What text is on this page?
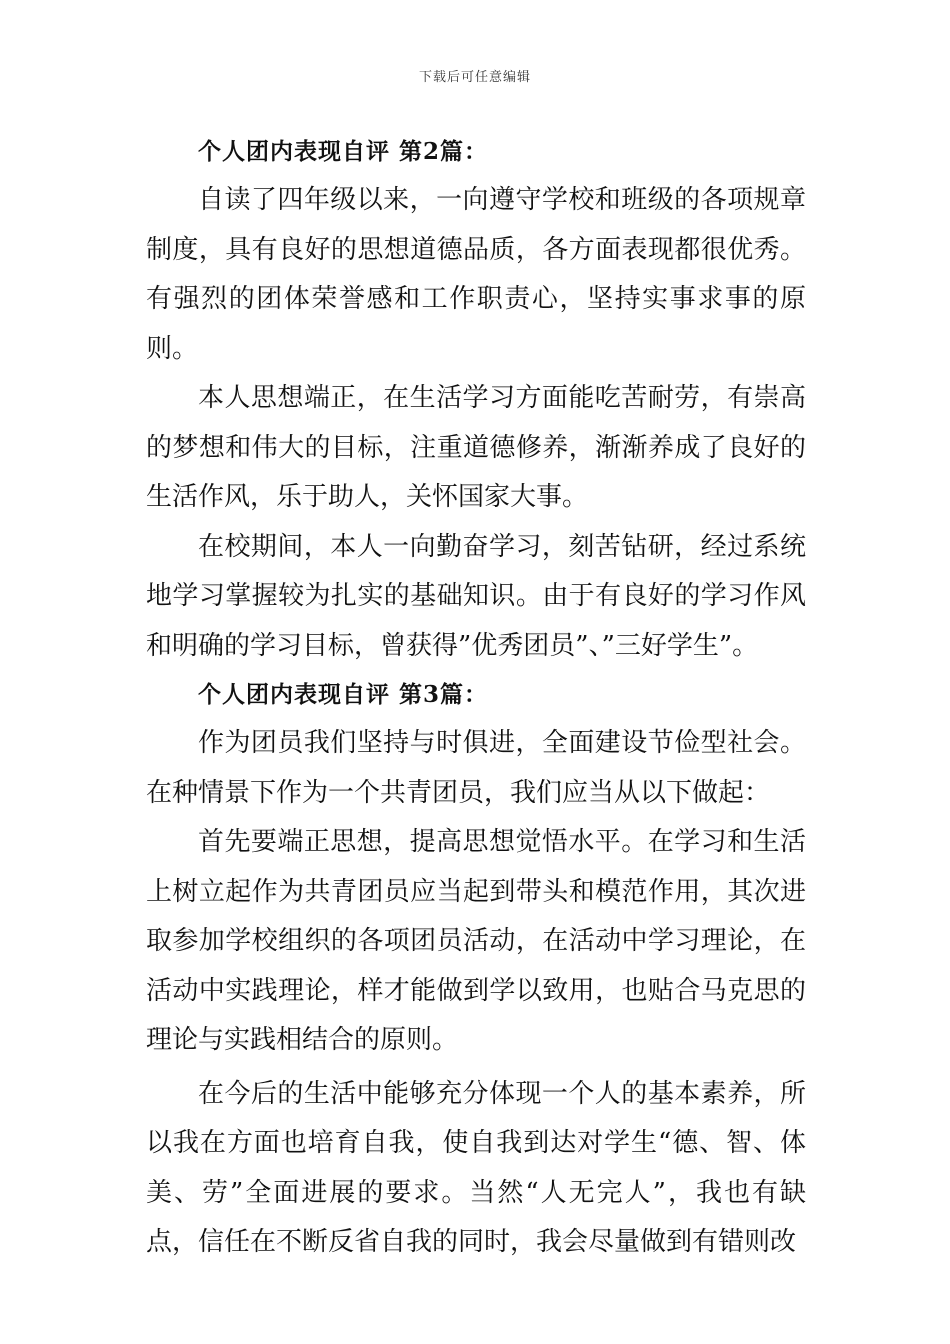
下载后可任意编辑
个人团内表现自评 第2篇：

自读了四年级以来，一向遵守学校和班级的各项规章制度，具有良好的思想道德品质，各方面表现都很优秀。有强烈的团体荣誉感和工作职责心，坚持实事求事的原则。

本人思想端正，在生活学习方面能吃苦耐劳，有崇高的梦想和伟大的目标，注重道德修养，渐渐养成了良好的生活作风，乐于助人，关怀国家大事。

在校期间，本人一向勤奋学习，刻苦钻研，经过系统地学习掌握较为扎实的基础知识。由于有良好的学习作风和明确的学习目标，曾获得”优秀团员”、”三好学生”。

个人团内表现自评 第3篇：

作为团员我们坚持与时俱进，全面建设节俭型社会。在种情景下作为一个共青团员，我们应当从以下做起：

首先要端正思想，提高思想觉悟水平。在学习和生活上树立起作为共青团员应当起到带头和模范作用，其次进取参加学校组织的各项团员活动，在活动中学习理论，在活动中实践理论，样才能做到学以致用，也贴合马克思的理论与实践相结合的原则。

在今后的生活中能够充分体现一个人的基本素养，所以我在方面也培育自我，使自我到达对学生“德、智、体美、劳”全面进展的要求。当然“人无完人”，我也有缺点，信任在不断反省自我的同时，我会尽量做到有错则改
